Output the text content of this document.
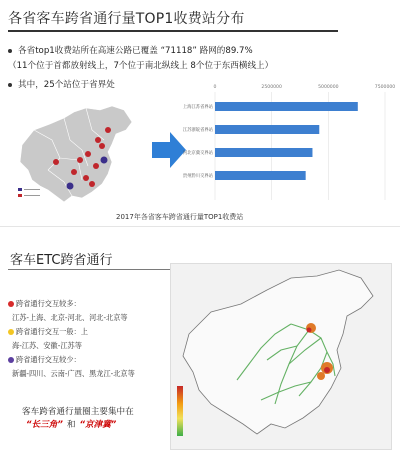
各省客车跨省通行量TOP1收费站分布
各省top1收费站所在高速公路已覆盖 “71118” 路网的89.7%
（11个位于首都放射线上，7个位于南北纵线上 8个位于东西横线上）
其中，25个站位于省界处	0	2500000	5000000	7500000
上海江苏省界站
江苏浙皖省界站
河北京冀交界站
贵州黔川交界站
2017年各省客车跨省通行量TOP1收费站
客车ETC跨省通行
跨省通行交互较多：
江苏-上海、北京-河北、河北-北京等
跨省通行交互一般：上
海-江苏、安徽-江苏等
跨省通行交互较少：
新疆-四川、云南-广西、黑龙江-北京等
客车跨省通行量圈主要集中在
“长三角” 和 “京津冀”
